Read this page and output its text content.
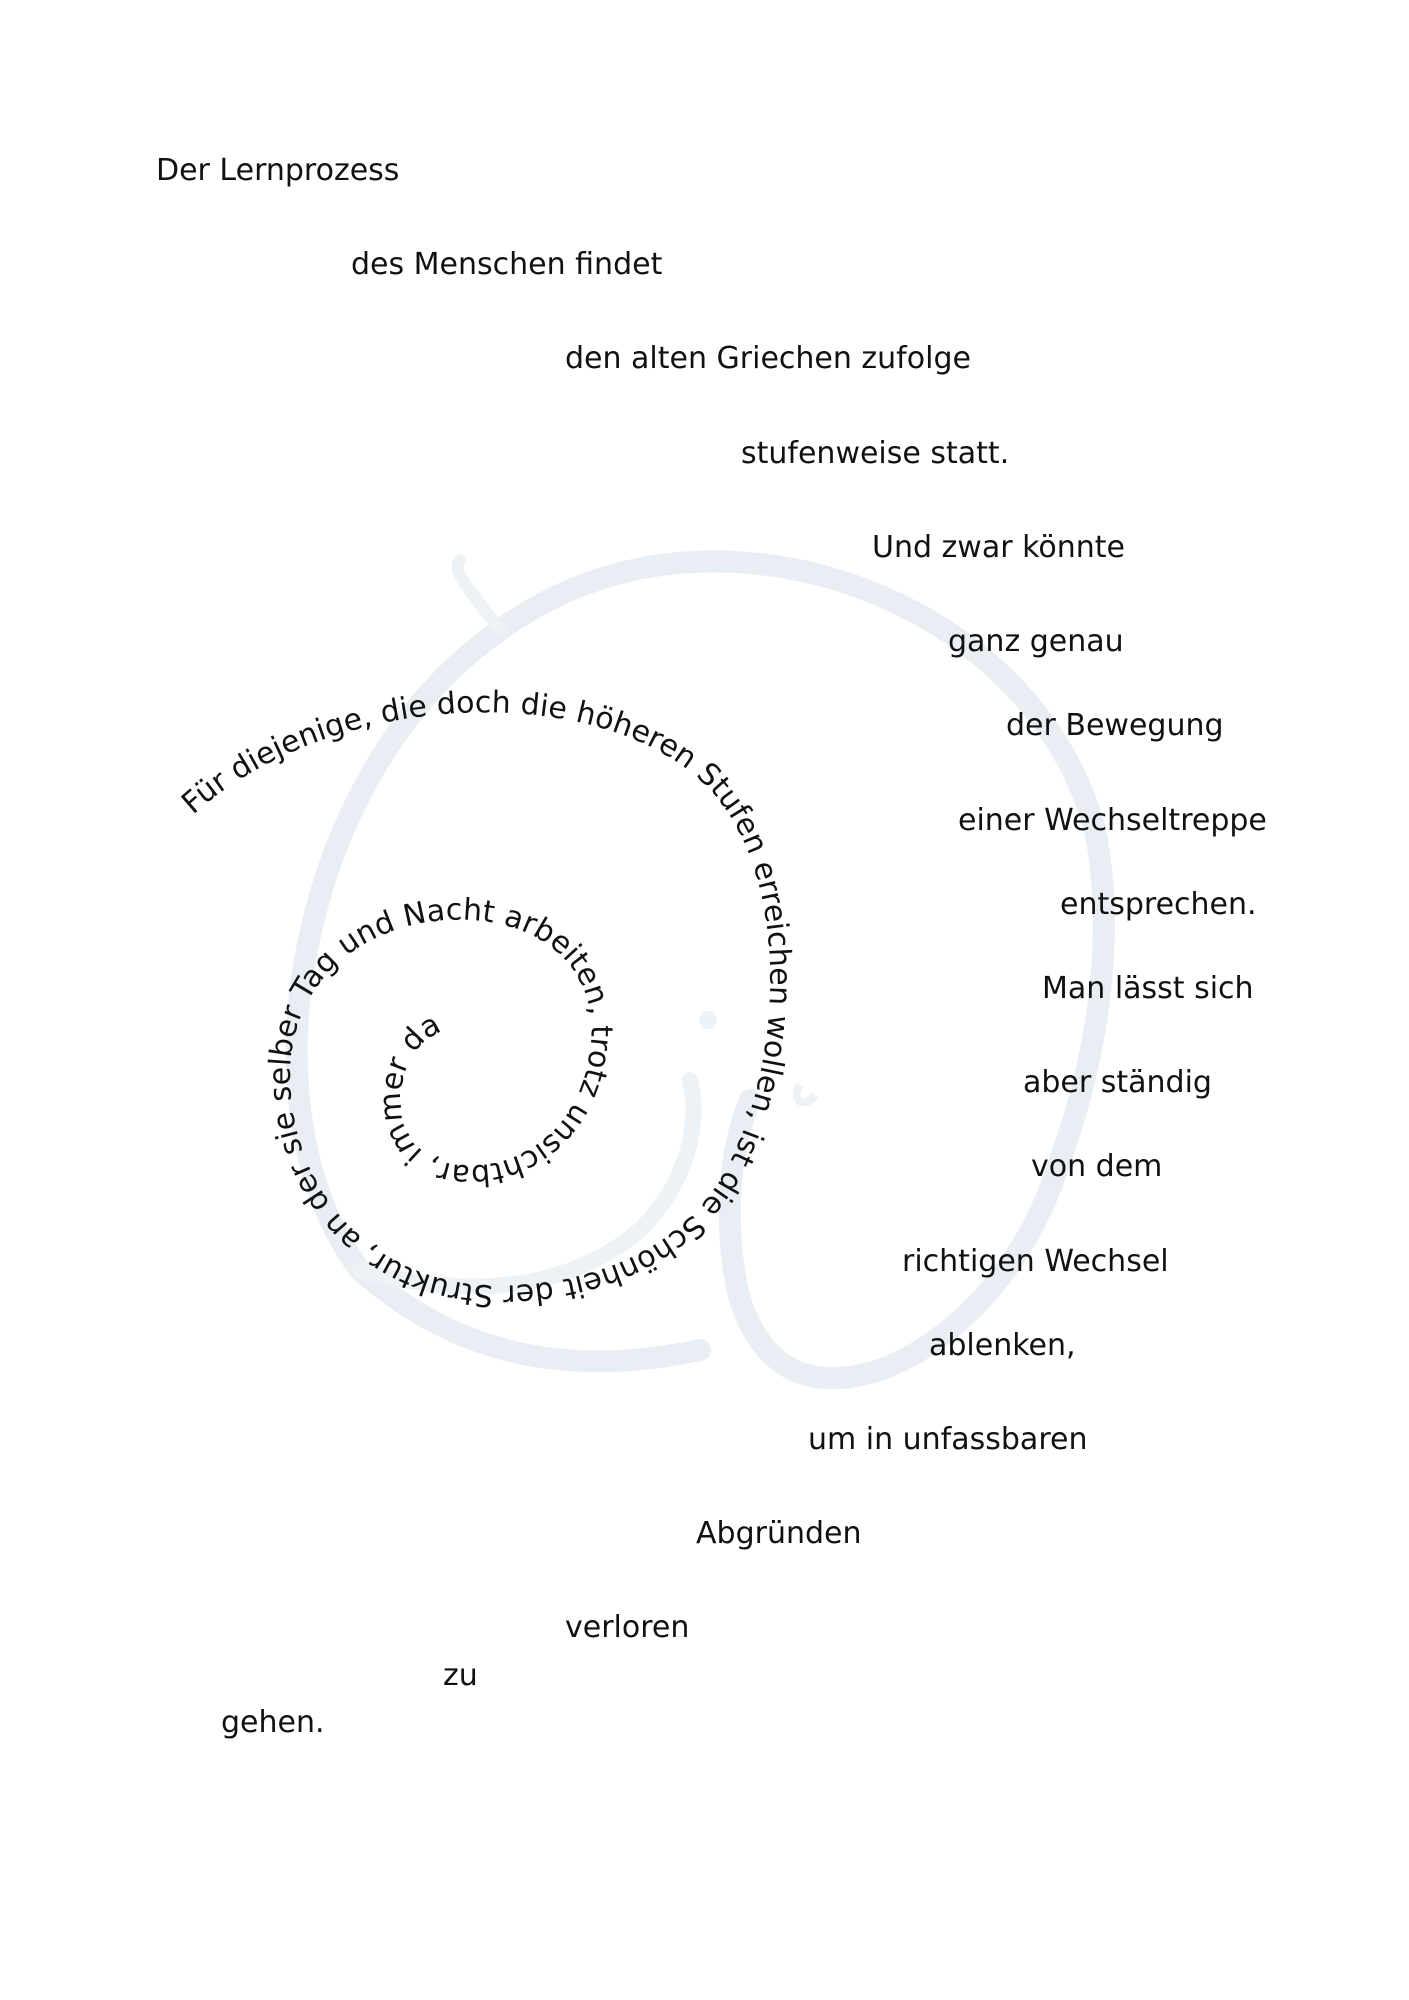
Für diejenige, die doch die höheren Stufen erreichen wollen, ist die Schönheit der Struktur, an der sie selber Tag und Nacht arbeiten, trotz unsichtbar, immer da
Der Lernprozess
des Menschen findet
den alten Griechen zufolge
stufenweise statt.
Und zwar könnte
ganz genau
der Bewegung
einer Wechseltreppe
entsprechen.
Man lässt sich
aber ständig
von dem
richtigen Wechsel
ablenken,
um in unfassbaren
Abgründen
verloren
zu
gehen.
